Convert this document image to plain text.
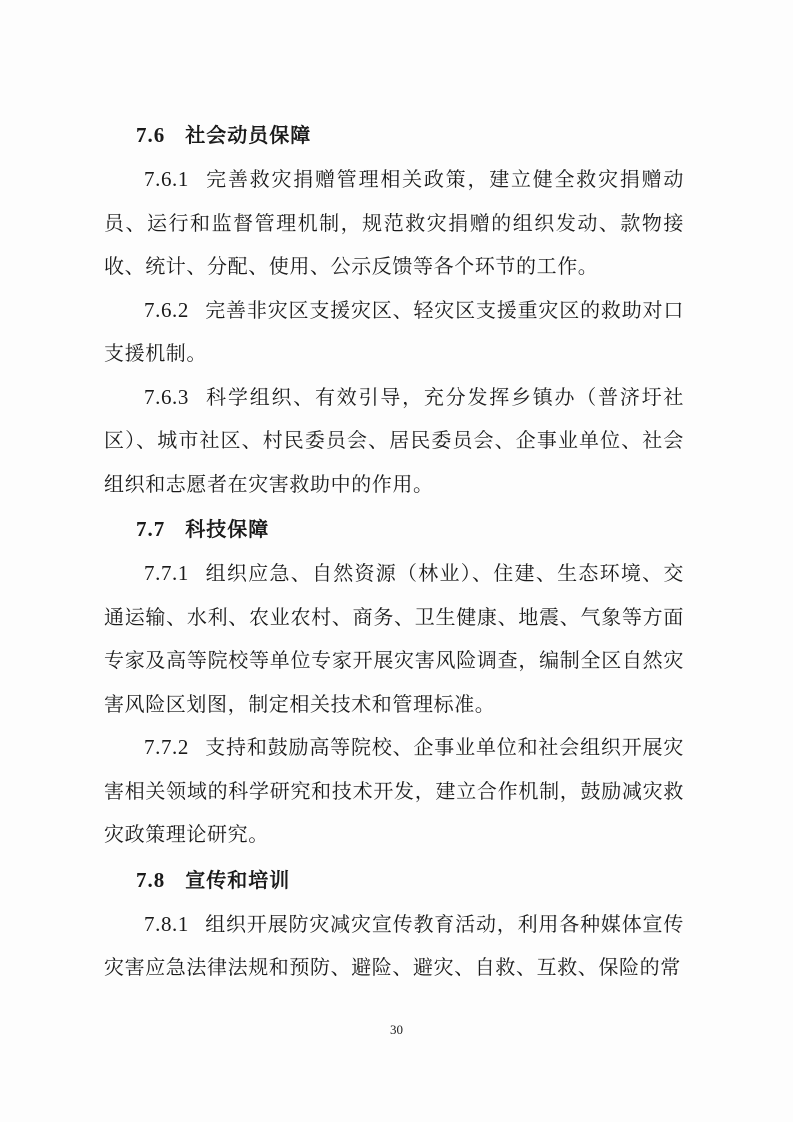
7.6 社会动员保障

7.6.1 完善救灾捐赠管理相关政策，建立健全救灾捐赠动员、运行和监督管理机制，规范救灾捐赠的组织发动、款物接收、统计、分配、使用、公示反馈等各个环节的工作。

7.6.2 完善非灾区支援灾区、轻灾区支援重灾区的救助对口支援机制。

7.6.3 科学组织、有效引导，充分发挥乡镇办（普济圩社区）、城市社区、村民委员会、居民委员会、企事业单位、社会组织和志愿者在灾害救助中的作用。

7.7 科技保障

7.7.1 组织应急、自然资源（林业）、住建、生态环境、交通运输、水利、农业农村、商务、卫生健康、地震、气象等方面专家及高等院校等单位专家开展灾害风险调查，编制全区自然灾害风险区划图，制定相关技术和管理标准。

7.7.2 支持和鼓励高等院校、企事业单位和社会组织开展灾害相关领域的科学研究和技术开发，建立合作机制，鼓励减灾救灾政策理论研究。

7.8 宣传和培训

7.8.1 组织开展防灾减灾宣传教育活动，利用各种媒体宣传灾害应急法律法规和预防、避险、避灾、自救、互救、保险的常

30
